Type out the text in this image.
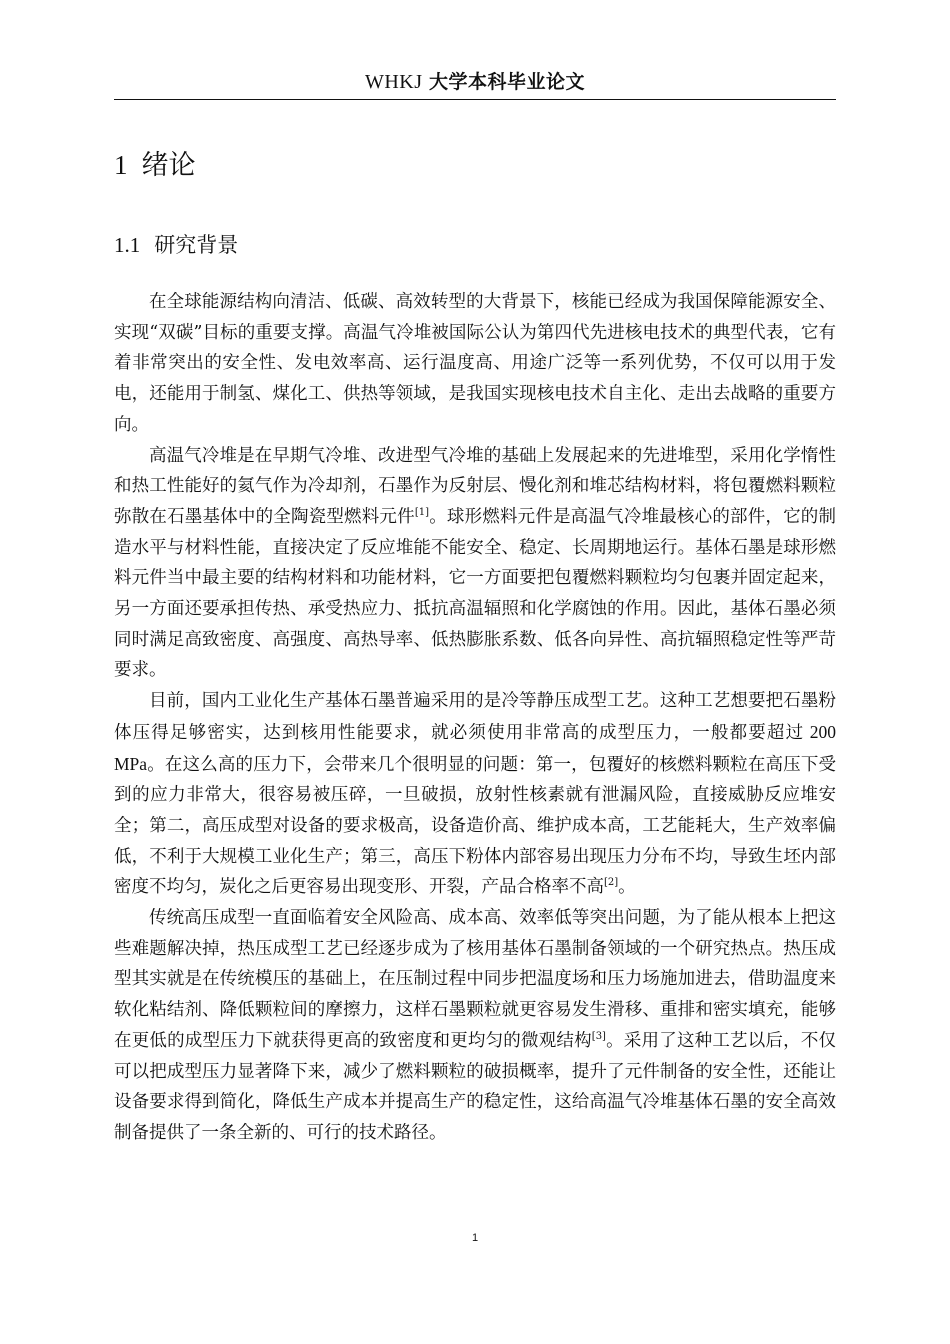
WHKJ 大学本科毕业论文
1 绪论
1.1 研究背景

在全球能源结构向清洁、低碳、高效转型的大背景下，核能已经成为我国保障能源安全、实现“双碳”目标的重要支撑。高温气冷堆被国际公认为第四代先进核电技术的典型代表，它有着非常突出的安全性、发电效率高、运行温度高、用途广泛等一系列优势，不仅可以用于发电，还能用于制氢、煤化工、供热等领域，是我国实现核电技术自主化、走出去战略的重要方向。

高温气冷堆是在早期气冷堆、改进型气冷堆的基础上发展起来的先进堆型，采用化学惰性和热工性能好的氦气作为冷却剂，石墨作为反射层、慢化剂和堆芯结构材料，将包覆燃料颗粒弥散在石墨基体中的全陶瓷型燃料元件[1]。球形燃料元件是高温气冷堆最核心的部件，它的制造水平与材料性能，直接决定了反应堆能不能安全、稳定、长周期地运行。基体石墨是球形燃料元件当中最主要的结构材料和功能材料，它一方面要把包覆燃料颗粒均匀包裹并固定起来，另一方面还要承担传热、承受热应力、抵抗高温辐照和化学腐蚀的作用。因此，基体石墨必须同时满足高致密度、高强度、高热导率、低热膨胀系数、低各向异性、高抗辐照稳定性等严苛要求。

目前，国内工业化生产基体石墨普遍采用的是冷等静压成型工艺。这种工艺想要把石墨粉体压得足够密实，达到核用性能要求，就必须使用非常高的成型压力，一般都要超过 200 MPa。在这么高的压力下，会带来几个很明显的问题：第一，包覆好的核燃料颗粒在高压下受到的应力非常大，很容易被压碎，一旦破损，放射性核素就有泄漏风险，直接威胁反应堆安全；第二，高压成型对设备的要求极高，设备造价高、维护成本高，工艺能耗大，生产效率偏低，不利于大规模工业化生产；第三，高压下粉体内部容易出现压力分布不均，导致生坯内部密度不均匀，炭化之后更容易出现变形、开裂，产品合格率不高[2]。

传统高压成型一直面临着安全风险高、成本高、效率低等突出问题，为了能从根本上把这些难题解决掉，热压成型工艺已经逐步成为了核用基体石墨制备领域的一个研究热点。热压成型其实就是在传统模压的基础上，在压制过程中同步把温度场和压力场施加进去，借助温度来软化粘结剂、降低颗粒间的摩擦力，这样石墨颗粒就更容易发生滑移、重排和密实填充，能够在更低的成型压力下就获得更高的致密度和更均匀的微观结构[3]。采用了这种工艺以后，不仅可以把成型压力显著降下来，减少了燃料颗粒的破损概率，提升了元件制备的安全性，还能让设备要求得到简化，降低生产成本并提高生产的稳定性，这给高温气冷堆基体石墨的安全高效制备提供了一条全新的、可行的技术路径。

1
